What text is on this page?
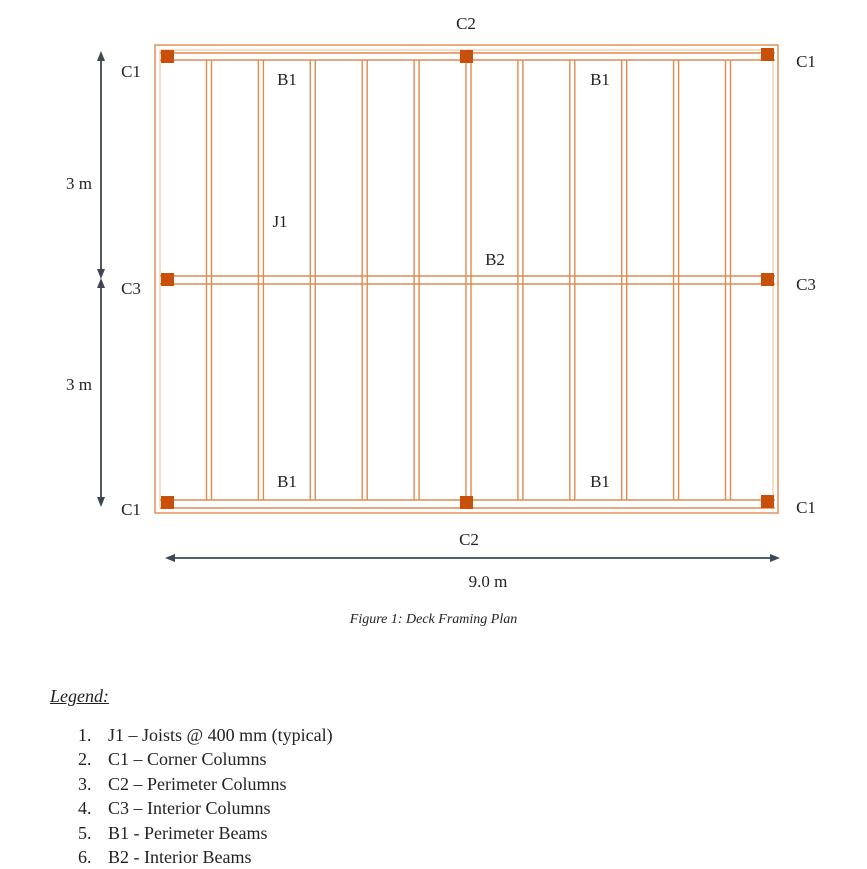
C2
C1
C1
B1	B1
3 m
J1
B2
C3	C3
3 m
B1	B1
C1	C1
C2
9.0 m
Figure 1: Deck Framing Plan
Legend:
1. J1 – Joists @ 400 mm (typical)
2. C1 – Corner Columns
3. C2 – Perimeter Columns
4. C3 – Interior Columns
5. B1 - Perimeter Beams
6. B2 - Interior Beams
